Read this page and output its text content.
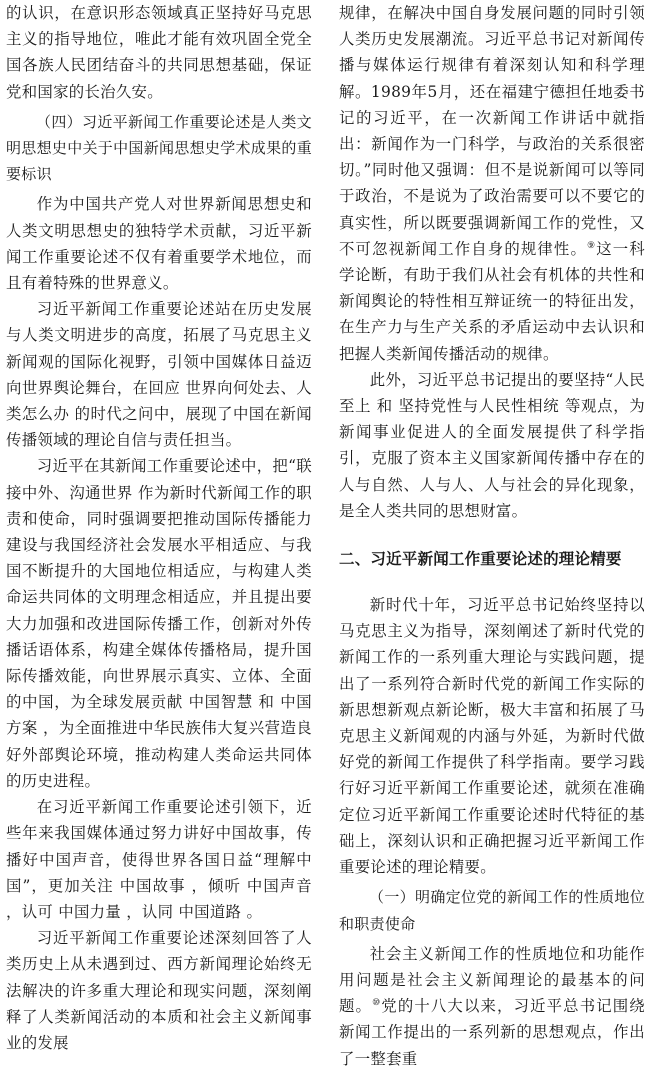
的认识，在意识形态领域真正坚持好马克思主义的指导地位，唯此才能有效巩固全党全国各族人民团结奋斗的共同思想基础，保证党和国家的长治久安。

（四）习近平新闻工作重要论述是人类文明思想史中关于中国新闻思想史学术成果的重要标识

作为中国共产党人对世界新闻思想史和人类文明思想史的独特学术贡献，习近平新闻工作重要论述不仅有着重要学术地位，而且有着特殊的世界意义。

习近平新闻工作重要论述站在历史发展与人类文明进步的高度，拓展了马克思主义新闻观的国际化视野，引领中国媒体日益迈向世界舆论舞台，在回应 世界向何处去、人类怎么办 的时代之问中，展现了中国在新闻传播领域的理论自信与责任担当。

习近平在其新闻工作重要论述中，把“联接中外、沟通世界 作为新时代新闻工作的职责和使命，同时强调要把推动国际传播能力建设与我国经济社会发展水平相适应、与我国不断提升的大国地位相适应，与构建人类命运共同体的文明理念相适应，并且提出要大力加强和改进国际传播工作，创新对外传播话语体系，构建全媒体传播格局，提升国际传播效能，向世界展示真实、立体、全面的中国，为全球发展贡献 中国智慧 和 中国方案 ，为全面推进中华民族伟大复兴营造良好外部舆论环境，推动构建人类命运共同体的历史进程。

在习近平新闻工作重要论述引领下，近些年来我国媒体通过努力讲好中国故事，传播好中国声音，使得世界各国日益“理解中国”，更加关注 中国故事 ，倾听 中国声音 ，认可 中国力量 ，认同 中国道路 。

习近平新闻工作重要论述深刻回答了人类历史上从未遇到过、西方新闻理论始终无法解决的许多重大理论和现实问题，深刻阐释了人类新闻活动的本质和社会主义新闻事业的发展

规律，在解决中国自身发展问题的同时引领人类历史发展潮流。习近平总书记对新闻传播与媒体运行规律有着深刻认知和科学理解。1989年5月，还在福建宁德担任地委书记的习近平，在一次新闻工作讲话中就指出：新闻作为一门科学，与政治的关系很密切。”同时他又强调：但不是说新闻可以等同于政治，不是说为了政治需要可以不要它的真实性，所以既要强调新闻工作的党性，又不可忽视新闻工作自身的规律性。⑨这一科学论断，有助于我们从社会有机体的共性和新闻舆论的特性相互辩证统一的特征出发，在生产力与生产关系的矛盾运动中去认识和把握人类新闻传播活动的规律。

此外，习近平总书记提出的要坚持“人民至上 和 坚持党性与人民性相统 等观点，为新闻事业促进人的全面发展提供了科学指引，克服了资本主义国家新闻传播中存在的人与自然、人与人、人与社会的异化现象，是全人类共同的思想财富。

二、习近平新闻工作重要论述的理论精要

新时代十年，习近平总书记始终坚持以马克思主义为指导，深刻阐述了新时代党的新闻工作的一系列重大理论与实践问题，提出了一系列符合新时代党的新闻工作实际的新思想新观点新论断，极大丰富和拓展了马克思主义新闻观的内涵与外延，为新时代做好党的新闻工作提供了科学指南。要学习践行好习近平新闻工作重要论述，就须在准确定位习近平新闻工作重要论述时代特征的基础上，深刻认识和正确把握习近平新闻工作重要论述的理论精要。

（一）明确定位党的新闻工作的性质地位和职责使命

社会主义新闻工作的性质地位和功能作用问题是社会主义新闻理论的最基本的问题。⑩党的十八大以来，习近平总书记围绕新闻工作提出的一系列新的思想观点，作出了一整套重
